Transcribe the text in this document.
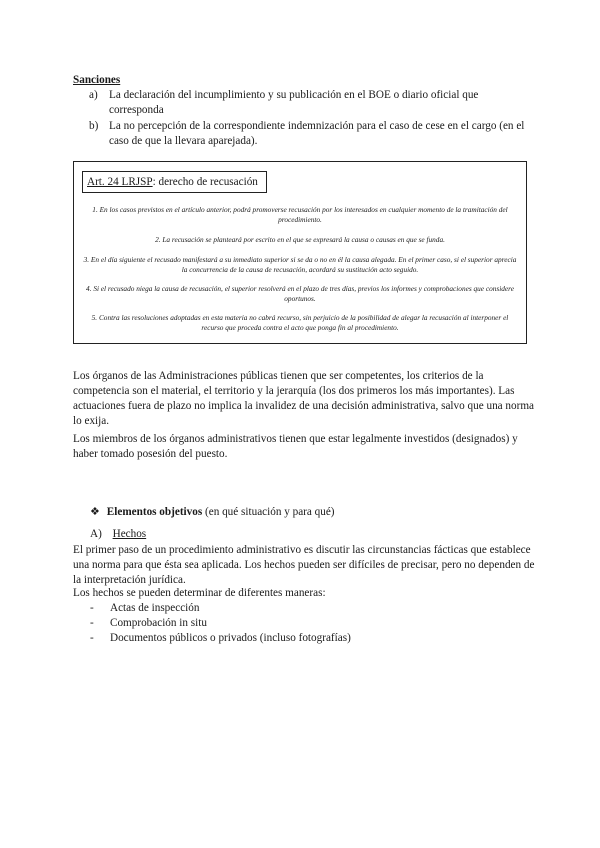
Sanciones
a)	La declaración del incumplimiento y su publicación en el BOE o diario oficial que corresponda
b) La no percepción de la correspondiente indemnización para el caso de cese en el cargo (en el caso de que la llevara aparejada).
Art. 24 LRJSP: derecho de recusación
1. En los casos previstos en el artículo anterior, podrá promoverse recusación por los interesados en cualquier momento de la tramitación del procedimiento.
2. La recusación se planteará por escrito en el que se expresará la causa o causas en que se funda.
3. En el día siguiente el recusado manifestará a su inmediato superior si se da o no en él la causa alegada. En el primer caso, si el superior aprecia la concurrencia de la causa de recusación, acordará su sustitución acto seguido.
4. Si el recusado niega la causa de recusación, el superior resolverá en el plazo de tres días, previos los informes y comprobaciones que considere oportunos.
5. Contra las resoluciones adoptadas en esta materia no cabrá recurso, sin perjuicio de la posibilidad de alegar la recusación al interponer el recurso que proceda contra el acto que ponga fin al procedimiento.
Los órganos de las Administraciones públicas tienen que ser competentes, los criterios de la competencia son el material, el territorio y la jerarquía (los dos primeros los más importantes). Las actuaciones fuera de plazo no implica la invalidez de una decisión administrativa, salvo que una norma lo exija.
Los miembros de los órganos administrativos tienen que estar legalmente investidos (designados) y haber tomado posesión del puesto.
❖ Elementos objetivos (en qué situación y para qué)
A) Hechos
El primer paso de un procedimiento administrativo es discutir las circunstancias fácticas que establece una norma para que ésta sea aplicada. Los hechos pueden ser difíciles de precisar, pero no dependen de la interpretación jurídica.
Los hechos se pueden determinar de diferentes maneras:
-	Actas de inspección
-	Comprobación in situ
-	Documentos públicos o privados (incluso fotografías)
